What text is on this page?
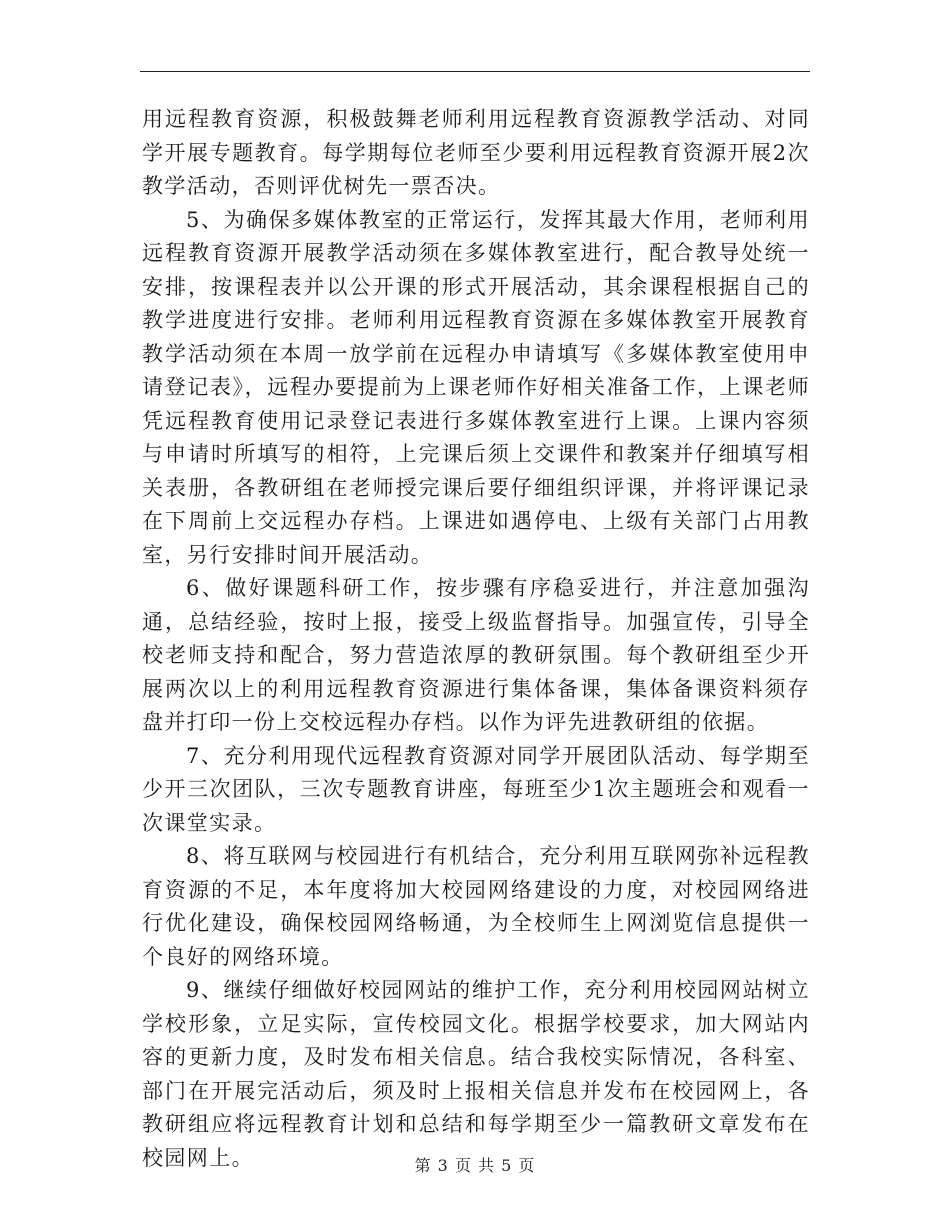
用远程教育资源，积极鼓舞老师利用远程教育资源教学活动、对同学开展专题教育。每学期每位老师至少要利用远程教育资源开展2次教学活动，否则评优树先一票否决。

5、为确保多媒体教室的正常运行，发挥其最大作用，老师利用远程教育资源开展教学活动须在多媒体教室进行，配合教导处统一安排，按课程表并以公开课的形式开展活动，其余课程根据自己的教学进度进行安排。老师利用远程教育资源在多媒体教室开展教育教学活动须在本周一放学前在远程办申请填写《多媒体教室使用申请登记表》，远程办要提前为上课老师作好相关准备工作，上课老师凭远程教育使用记录登记表进行多媒体教室进行上课。上课内容须与申请时所填写的相符，上完课后须上交课件和教案并仔细填写相关表册，各教研组在老师授完课后要仔细组织评课，并将评课记录在下周前上交远程办存档。上课进如遇停电、上级有关部门占用教室，另行安排时间开展活动。

6、做好课题科研工作，按步骤有序稳妥进行，并注意加强沟通，总结经验，按时上报，接受上级监督指导。加强宣传，引导全校老师支持和配合，努力营造浓厚的教研氛围。每个教研组至少开展两次以上的利用远程教育资源进行集体备课，集体备课资料须存盘并打印一份上交校远程办存档。以作为评先进教研组的依据。

7、充分利用现代远程教育资源对同学开展团队活动、每学期至少开三次团队，三次专题教育讲座，每班至少1次主题班会和观看一次课堂实录。

8、将互联网与校园进行有机结合，充分利用互联网弥补远程教育资源的不足，本年度将加大校园网络建设的力度，对校园网络进行优化建设，确保校园网络畅通，为全校师生上网浏览信息提供一个良好的网络环境。

9、继续仔细做好校园网站的维护工作，充分利用校园网站树立学校形象，立足实际，宣传校园文化。根据学校要求，加大网站内容的更新力度，及时发布相关信息。结合我校实际情况，各科室、部门在开展完活动后，须及时上报相关信息并发布在校园网上，各教研组应将远程教育计划和总结和每学期至少一篇教研文章发布在校园网上。	第 3 页 共 5 页
